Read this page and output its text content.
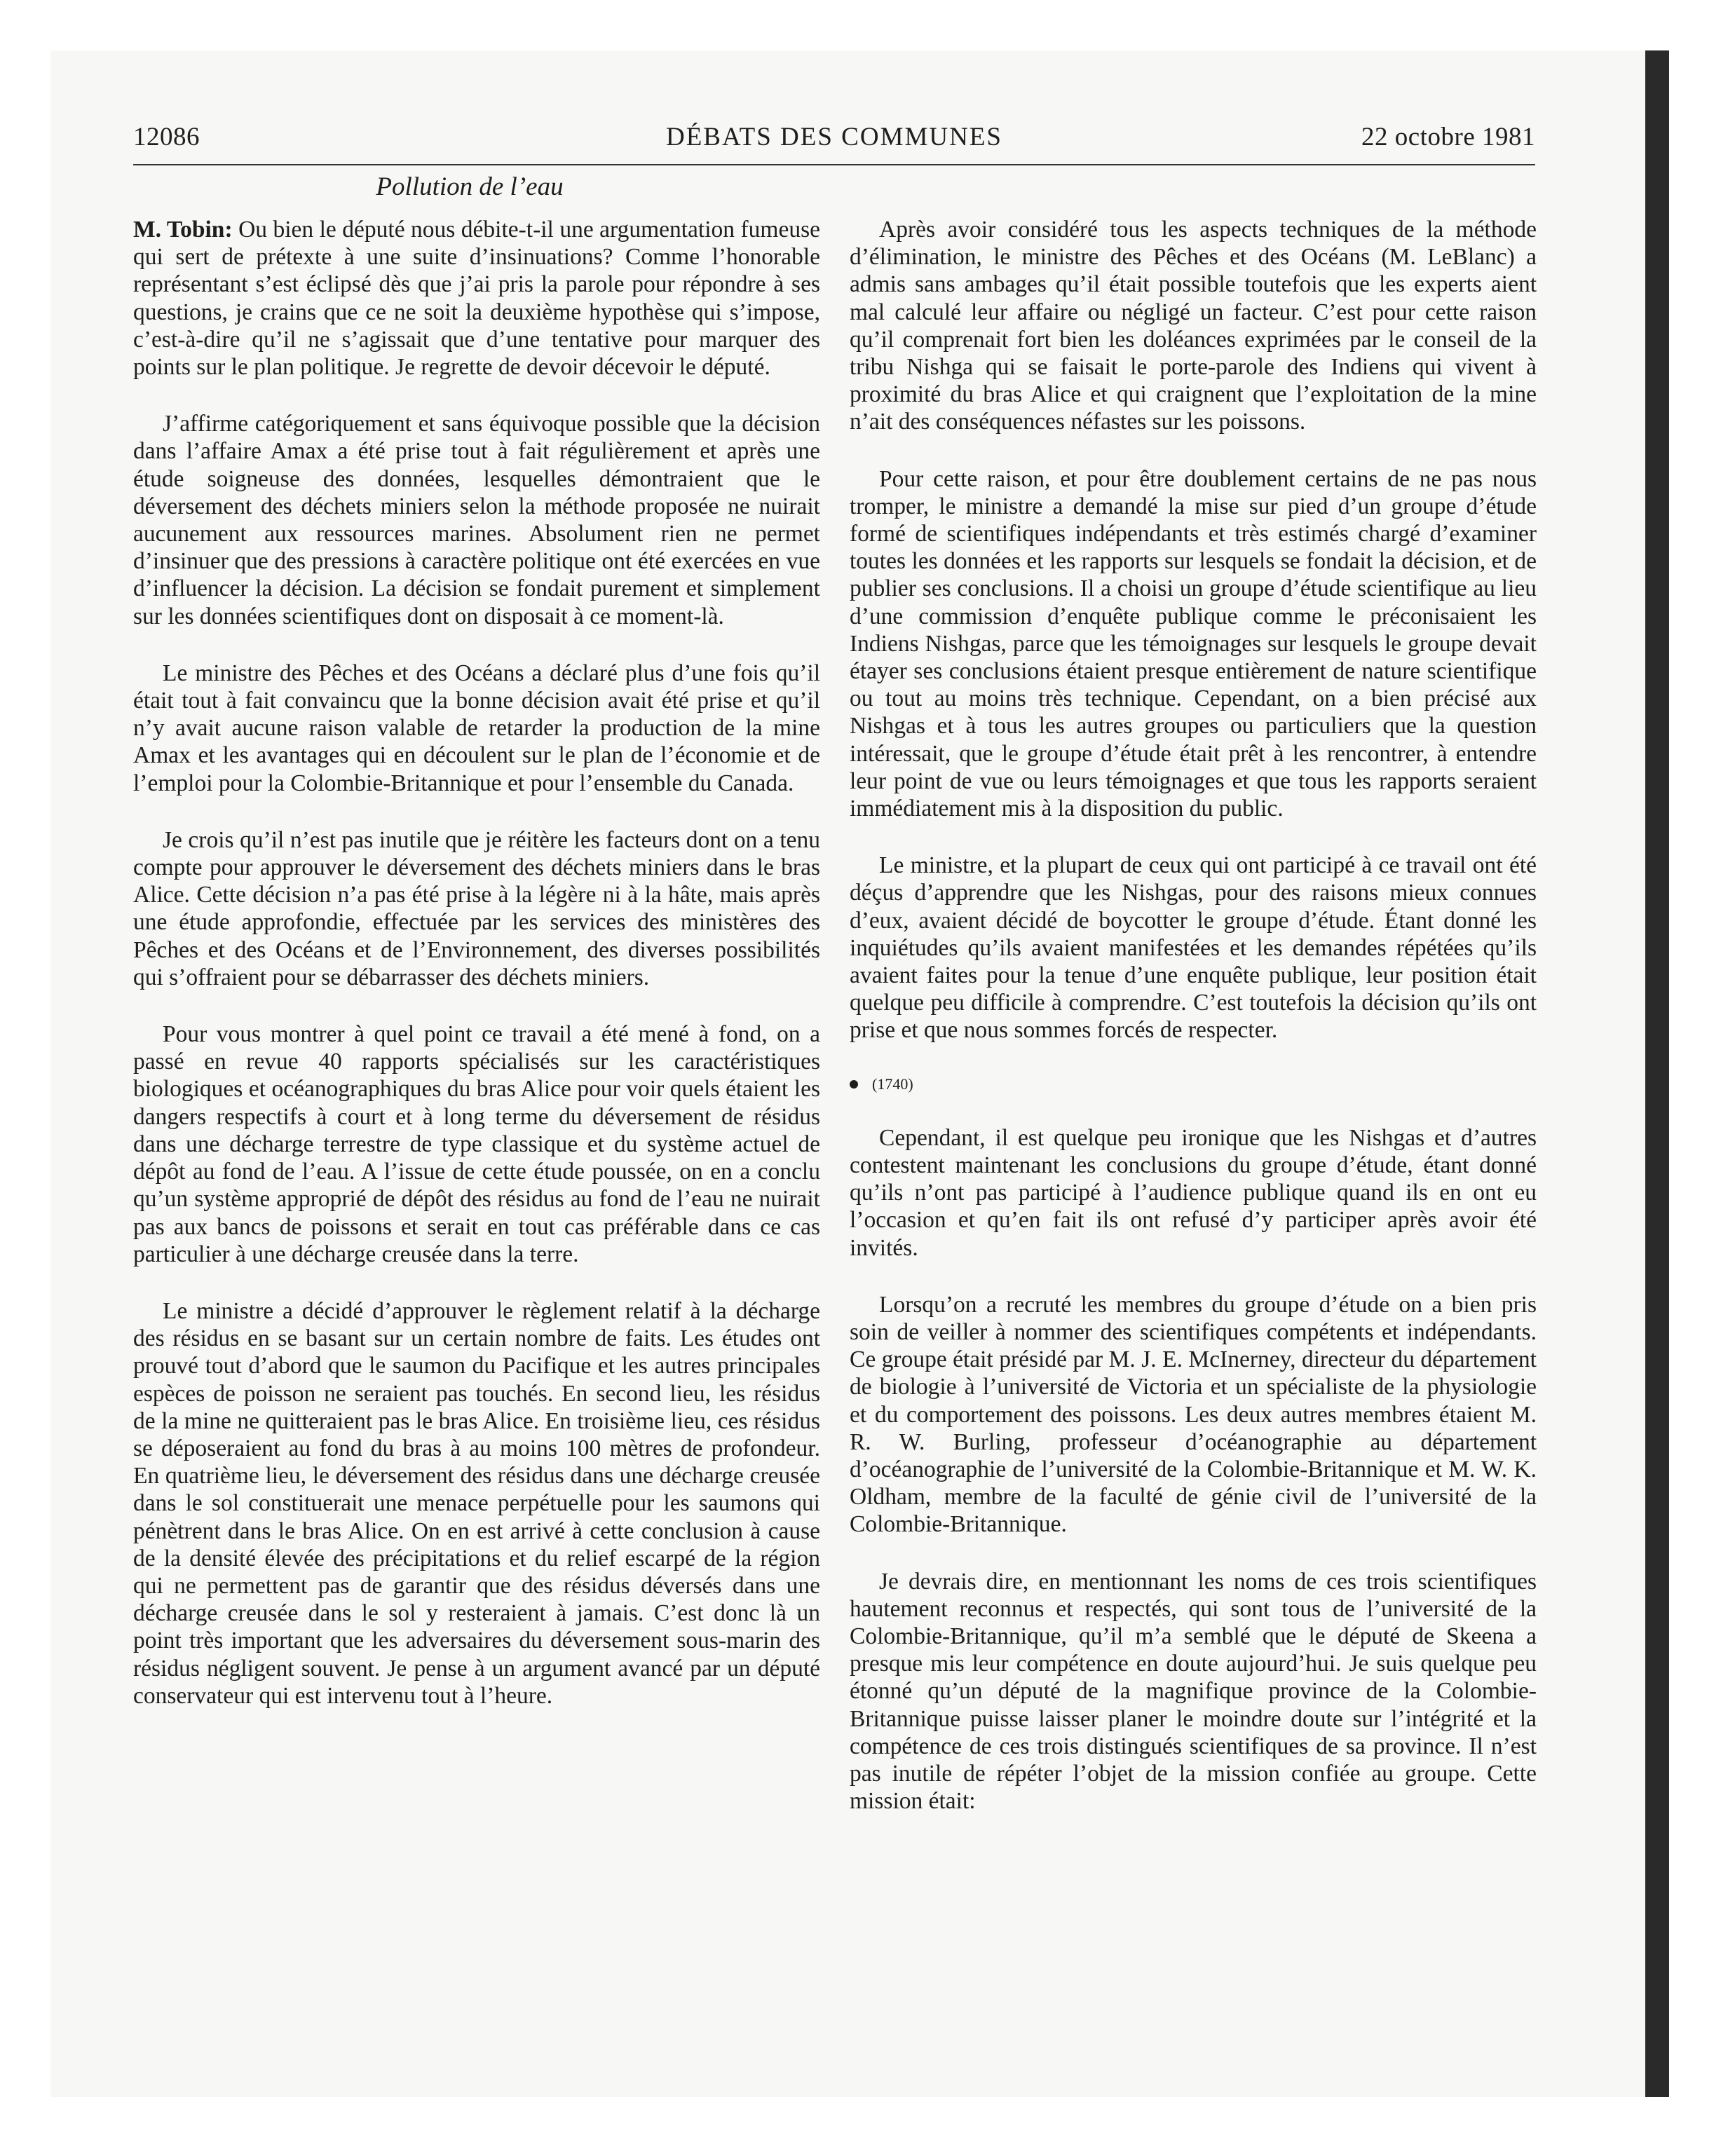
12086	DÉBATS DES COMMUNES	22 octobre 1981
Pollution de l’eau

M. Tobin: Ou bien le député nous débite-t-il une argumentation fumeuse qui sert de prétexte à une suite d’insinuations? Comme l’honorable représentant s’est éclipsé dès que j’ai pris la parole pour répondre à ses questions, je crains que ce ne soit la deuxième hypothèse qui s’impose, c’est-à-dire qu’il ne s’agissait que d’une tentative pour marquer des points sur le plan politique. Je regrette de devoir décevoir le député.

J’affirme catégoriquement et sans équivoque possible que la décision dans l’affaire Amax a été prise tout à fait régulièrement et après une étude soigneuse des données, lesquelles démontraient que le déversement des déchets miniers selon la méthode proposée ne nuirait aucunement aux ressources marines. Absolument rien ne permet d’insinuer que des pressions à caractère politique ont été exercées en vue d’influencer la décision. La décision se fondait purement et simplement sur les données scientifiques dont on disposait à ce moment-là.

Le ministre des Pêches et des Océans a déclaré plus d’une fois qu’il était tout à fait convaincu que la bonne décision avait été prise et qu’il n’y avait aucune raison valable de retarder la production de la mine Amax et les avantages qui en découlent sur le plan de l’économie et de l’emploi pour la Colombie-Britannique et pour l’ensemble du Canada.

Je crois qu’il n’est pas inutile que je réitère les facteurs dont on a tenu compte pour approuver le déversement des déchets miniers dans le bras Alice. Cette décision n’a pas été prise à la légère ni à la hâte, mais après une étude approfondie, effectuée par les services des ministères des Pêches et des Océans et de l’Environnement, des diverses possibilités qui s’offraient pour se débarrasser des déchets miniers.

Pour vous montrer à quel point ce travail a été mené à fond, on a passé en revue 40 rapports spécialisés sur les caractéristiques biologiques et océanographiques du bras Alice pour voir quels étaient les dangers respectifs à court et à long terme du déversement de résidus dans une décharge terrestre de type classique et du système actuel de dépôt au fond de l’eau. A l’issue de cette étude poussée, on en a conclu qu’un système approprié de dépôt des résidus au fond de l’eau ne nuirait pas aux bancs de poissons et serait en tout cas préférable dans ce cas particulier à une décharge creusée dans la terre.

Le ministre a décidé d’approuver le règlement relatif à la décharge des résidus en se basant sur un certain nombre de faits. Les études ont prouvé tout d’abord que le saumon du Pacifique et les autres principales espèces de poisson ne seraient pas touchés. En second lieu, les résidus de la mine ne quitteraient pas le bras Alice. En troisième lieu, ces résidus se déposeraient au fond du bras à au moins 100 mètres de profondeur. En quatrième lieu, le déversement des résidus dans une décharge creusée dans le sol constituerait une menace perpétuelle pour les saumons qui pénètrent dans le bras Alice. On en est arrivé à cette conclusion à cause de la densité élevée des précipitations et du relief escarpé de la région qui ne permettent pas de garantir que des résidus déversés dans une décharge creusée dans le sol y resteraient à jamais. C’est donc là un point très important que les adversaires du déversement sous-marin des résidus négligent souvent. Je pense à un argument avancé par un député conservateur qui est intervenu tout à l’heure.

Après avoir considéré tous les aspects techniques de la méthode d’élimination, le ministre des Pêches et des Océans (M. LeBlanc) a admis sans ambages qu’il était possible toutefois que les experts aient mal calculé leur affaire ou négligé un facteur. C’est pour cette raison qu’il comprenait fort bien les doléances exprimées par le conseil de la tribu Nishga qui se faisait le porte-parole des Indiens qui vivent à proximité du bras Alice et qui craignent que l’exploitation de la mine n’ait des conséquences néfastes sur les poissons.

Pour cette raison, et pour être doublement certains de ne pas nous tromper, le ministre a demandé la mise sur pied d’un groupe d’étude formé de scientifiques indépendants et très estimés chargé d’examiner toutes les données et les rapports sur lesquels se fondait la décision, et de publier ses conclusions. Il a choisi un groupe d’étude scientifique au lieu d’une commission d’enquête publique comme le préconisaient les Indiens Nishgas, parce que les témoignages sur lesquels le groupe devait étayer ses conclusions étaient presque entièrement de nature scientifique ou tout au moins très technique. Cependant, on a bien précisé aux Nishgas et à tous les autres groupes ou particuliers que la question intéressait, que le groupe d’étude était prêt à les rencontrer, à entendre leur point de vue ou leurs témoignages et que tous les rapports seraient immédiatement mis à la disposition du public.

Le ministre, et la plupart de ceux qui ont participé à ce travail ont été déçus d’apprendre que les Nishgas, pour des raisons mieux connues d’eux, avaient décidé de boycotter le groupe d’étude. Étant donné les inquiétudes qu’ils avaient manifestées et les demandes répétées qu’ils avaient faites pour la tenue d’une enquête publique, leur position était quelque peu difficile à comprendre. C’est toutefois la décision qu’ils ont prise et que nous sommes forcés de respecter.

(1740)

Cependant, il est quelque peu ironique que les Nishgas et d’autres contestent maintenant les conclusions du groupe d’étude, étant donné qu’ils n’ont pas participé à l’audience publique quand ils en ont eu l’occasion et qu’en fait ils ont refusé d’y participer après avoir été invités.

Lorsqu’on a recruté les membres du groupe d’étude on a bien pris soin de veiller à nommer des scientifiques compétents et indépendants. Ce groupe était présidé par M. J. E. McInerney, directeur du département de biologie à l’université de Victoria et un spécialiste de la physiologie et du comportement des poissons. Les deux autres membres étaient M. R. W. Burling, professeur d’océanographie au département d’océanographie de l’université de la Colombie-Britannique et M. W. K. Oldham, membre de la faculté de génie civil de l’université de la Colombie-Britannique.

Je devrais dire, en mentionnant les noms de ces trois scientifiques hautement reconnus et respectés, qui sont tous de l’université de la Colombie-Britannique, qu’il m’a semblé que le député de Skeena a presque mis leur compétence en doute aujourd’hui. Je suis quelque peu étonné qu’un député de la magnifique province de la Colombie-Britannique puisse laisser planer le moindre doute sur l’intégrité et la compétence de ces trois distingués scientifiques de sa province. Il n’est pas inutile de répéter l’objet de la mission confiée au groupe. Cette mission était:
